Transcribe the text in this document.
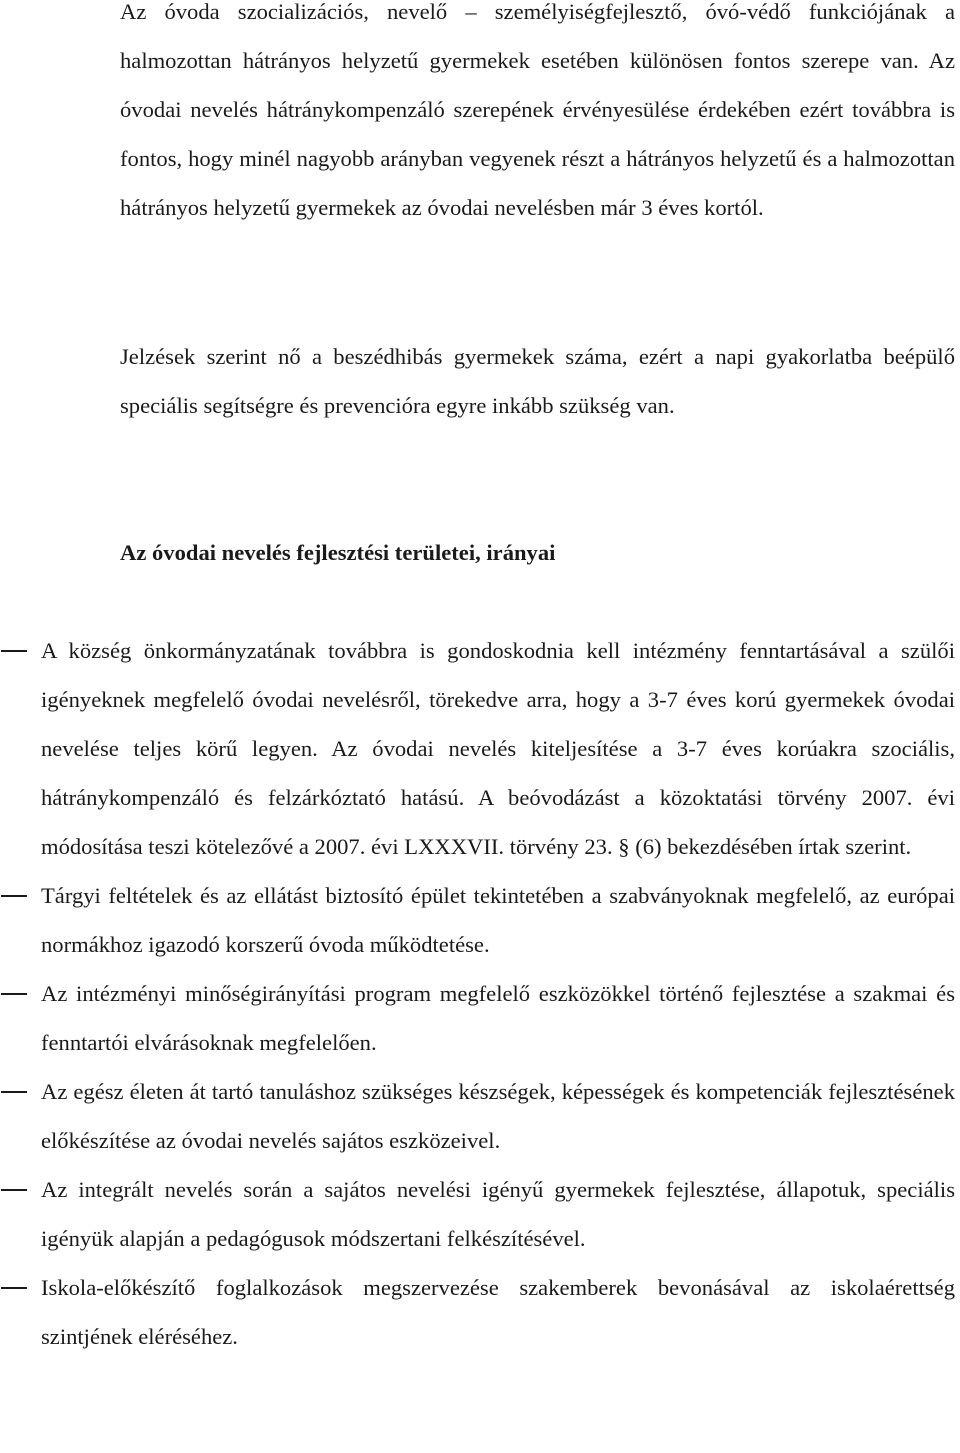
Az óvoda szocializációs, nevelő – személyiségfejlesztő, óvó-védő funkciójának a halmozottan hátrányos helyzetű gyermekek esetében különösen fontos szerepe van. Az óvodai nevelés hátránykompenzáló szerepének érvényesülése érdekében ezért továbbra is fontos, hogy minél nagyobb arányban vegyenek részt a hátrányos helyzetű és a halmozottan hátrányos helyzetű gyermekek az óvodai nevelésben már 3 éves kortól.

Jelzések szerint nő a beszédhibás gyermekek száma, ezért a napi gyakorlatba beépülő speciális segítségre és prevencióra egyre inkább szükség van.

Az óvodai nevelés fejlesztési területei, irányai
A község önkormányzatának továbbra is gondoskodnia kell intézmény fenntartásával a szülői igényeknek megfelelő óvodai nevelésről, törekedve arra, hogy a 3-7 éves korú gyermekek óvodai nevelése teljes körű legyen. Az óvodai nevelés kiteljesítése a 3-7 éves korúakra szociális, hátránykompenzáló és felzárkóztató hatású. A beóvodázást a közoktatási törvény 2007. évi módosítása teszi kötelezővé a 2007. évi LXXXVII. törvény 23. § (6) bekezdésében írtak szerint.
Tárgyi feltételek és az ellátást biztosító épület tekintetében a szabványoknak megfelelő, az európai normákhoz igazodó korszerű óvoda működtetése.
Az intézményi minőségirányítási program megfelelő eszközökkel történő fejlesztése a szakmai és fenntartói elvárásoknak megfelelően.
Az egész életen át tartó tanuláshoz szükséges készségek, képességek és kompetenciák fejlesztésének előkészítése az óvodai nevelés sajátos eszközeivel.
Az integrált nevelés során a sajátos nevelési igényű gyermekek fejlesztése, állapotuk, speciális igényük alapján a pedagógusok módszertani felkészítésével.
Iskola-előkészítő foglalkozások megszervezése szakemberek bevonásával az iskolaérettség szintjének eléréséhez.
